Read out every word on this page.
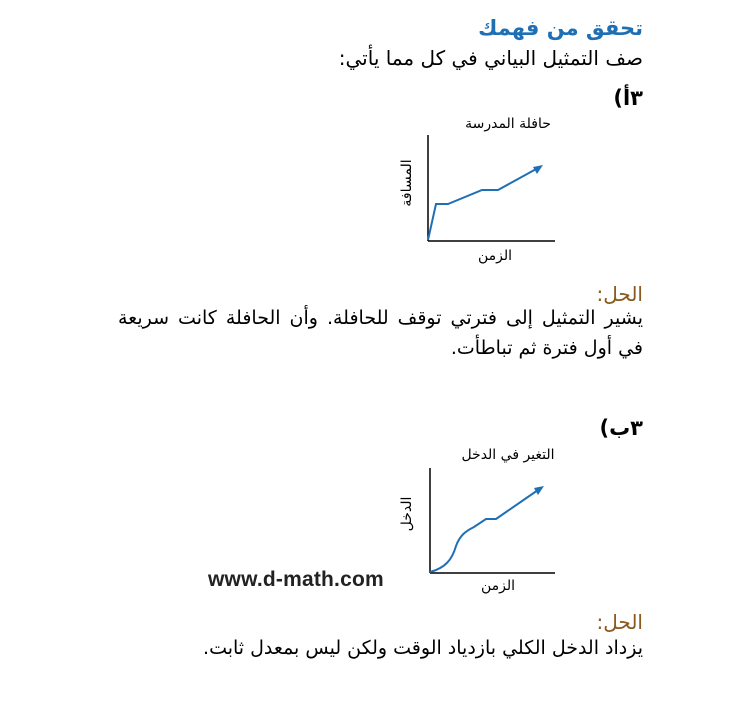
تحقق من فهمك
صف التمثيل البياني في كل مما يأتي:
٣أ)
حافلة المدرسة
المسافة
الزمن
الحل:
يشير التمثيل إلى فترتي توقف للحافلة. وأن الحافلة كانت سريعة في أول فترة ثم تباطأت.
٣ب)
التغير في الدخل
الدخل
الزمن
www.d-math.com
الحل:
يزداد الدخل الكلي بازدياد الوقت ولكن ليس بمعدل ثابت.
